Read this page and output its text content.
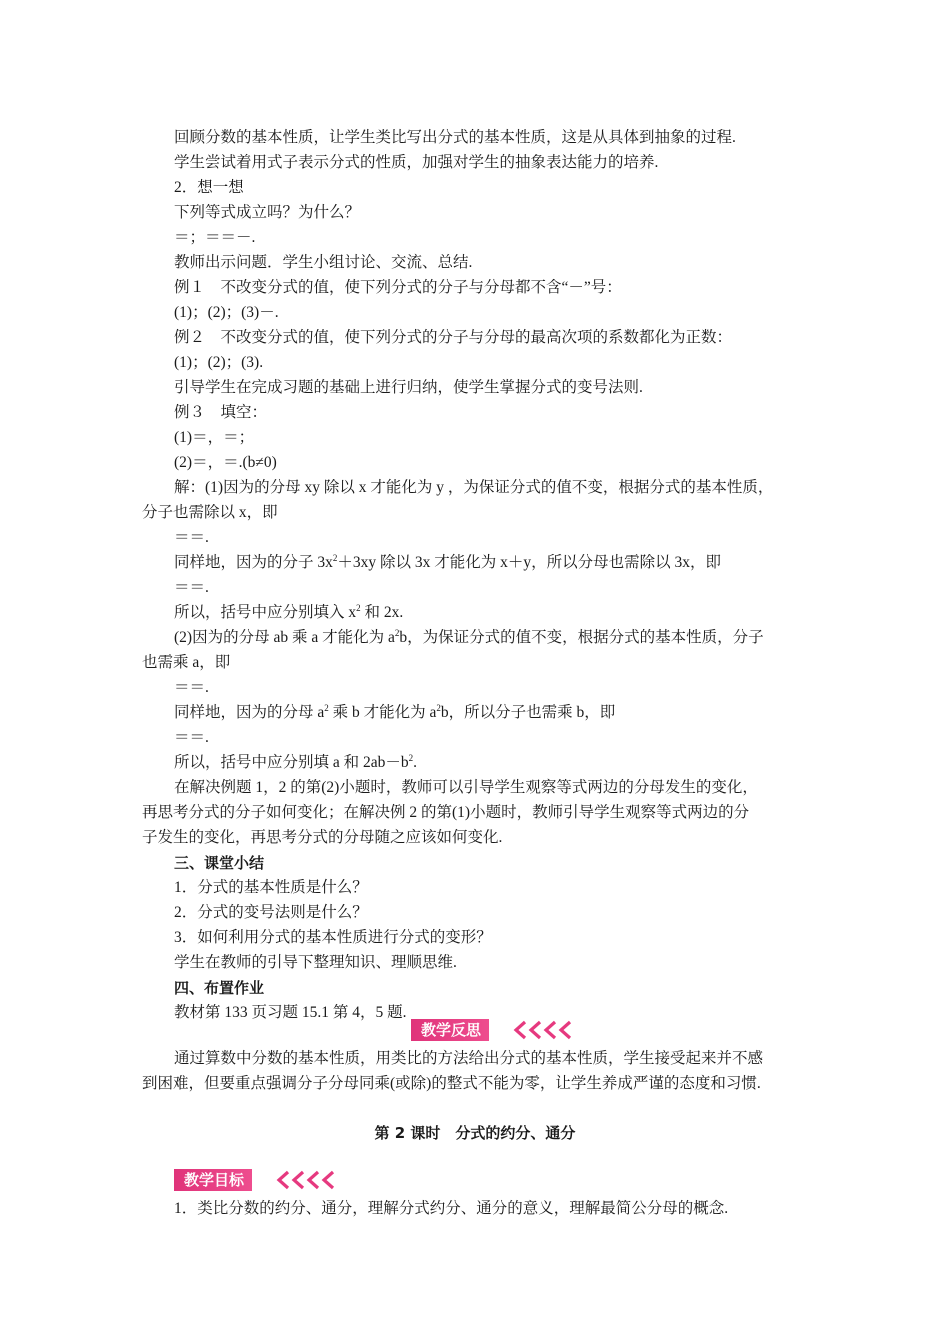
回顾分数的基本性质，让学生类比写出分式的基本性质，这是从具体到抽象的过程.
学生尝试着用式子表示分式的性质，加强对学生的抽象表达能力的培养.
2．想一想
下列等式成立吗？为什么？
＝；＝＝－.
教师出示问题．学生小组讨论、交流、总结.
例１　不改变分式的值，使下列分式的分子与分母都不含“－”号：
(1)；(2)；(3)－.
例２　不改变分式的值，使下列分式的分子与分母的最高次项的系数都化为正数：
(1)；(2)；(3).
引导学生在完成习题的基础上进行归纳，使学生掌握分式的变号法则.
例３　填空：
(1)＝，＝；
(2)＝，＝.(b≠0)
解：(1)因为的分母 xy 除以 x 才能化为 y ，为保证分式的值不变，根据分式的基本性质，
分子也需除以 x，即
＝＝.
同样地，因为的分子 $3x^2+3xy$ 除以 3x 才能化为 x＋y，所以分母也需除以 3x，即
＝＝.
所以，括号中应分别填入 $x^2$ 和 2x.
(2)因为的分母 ab 乘 a 才能化为 $a^2b$，为保证分式的值不变，根据分式的基本性质，分子
也需乘 a，即
＝＝.
同样地，因为的分母 $a^2$ 乘 b 才能化为 $a^2b$，所以分子也需乘 b，即
＝＝.
所以，括号中应分别填 a 和 $2ab-b^2$.
在解决例题 1，2 的第(2)小题时，教师可以引导学生观察等式两边的分母发生的变化，
再思考分式的分子如何变化；在解决例 2 的第(1)小题时，教师引导学生观察等式两边的分
子发生的变化，再思考分式的分母随之应该如何变化.
三、课堂小结
1．分式的基本性质是什么？
2．分式的变号法则是什么？
3．如何利用分式的基本性质进行分式的变形？
学生在教师的引导下整理知识、理顺思维.
四、布置作业
教材第 133 页习题 15.1 第 4，5 题.
教学反思
通过算数中分数的基本性质，用类比的方法给出分式的基本性质，学生接受起来并不感
到困难，但要重点强调分子分母同乘(或除)的整式不能为零，让学生养成严谨的态度和习惯.
第 2 课时　分式的约分、通分
教学目标
1．类比分数的约分、通分，理解分式约分、通分的意义，理解最简公分母的概念.
